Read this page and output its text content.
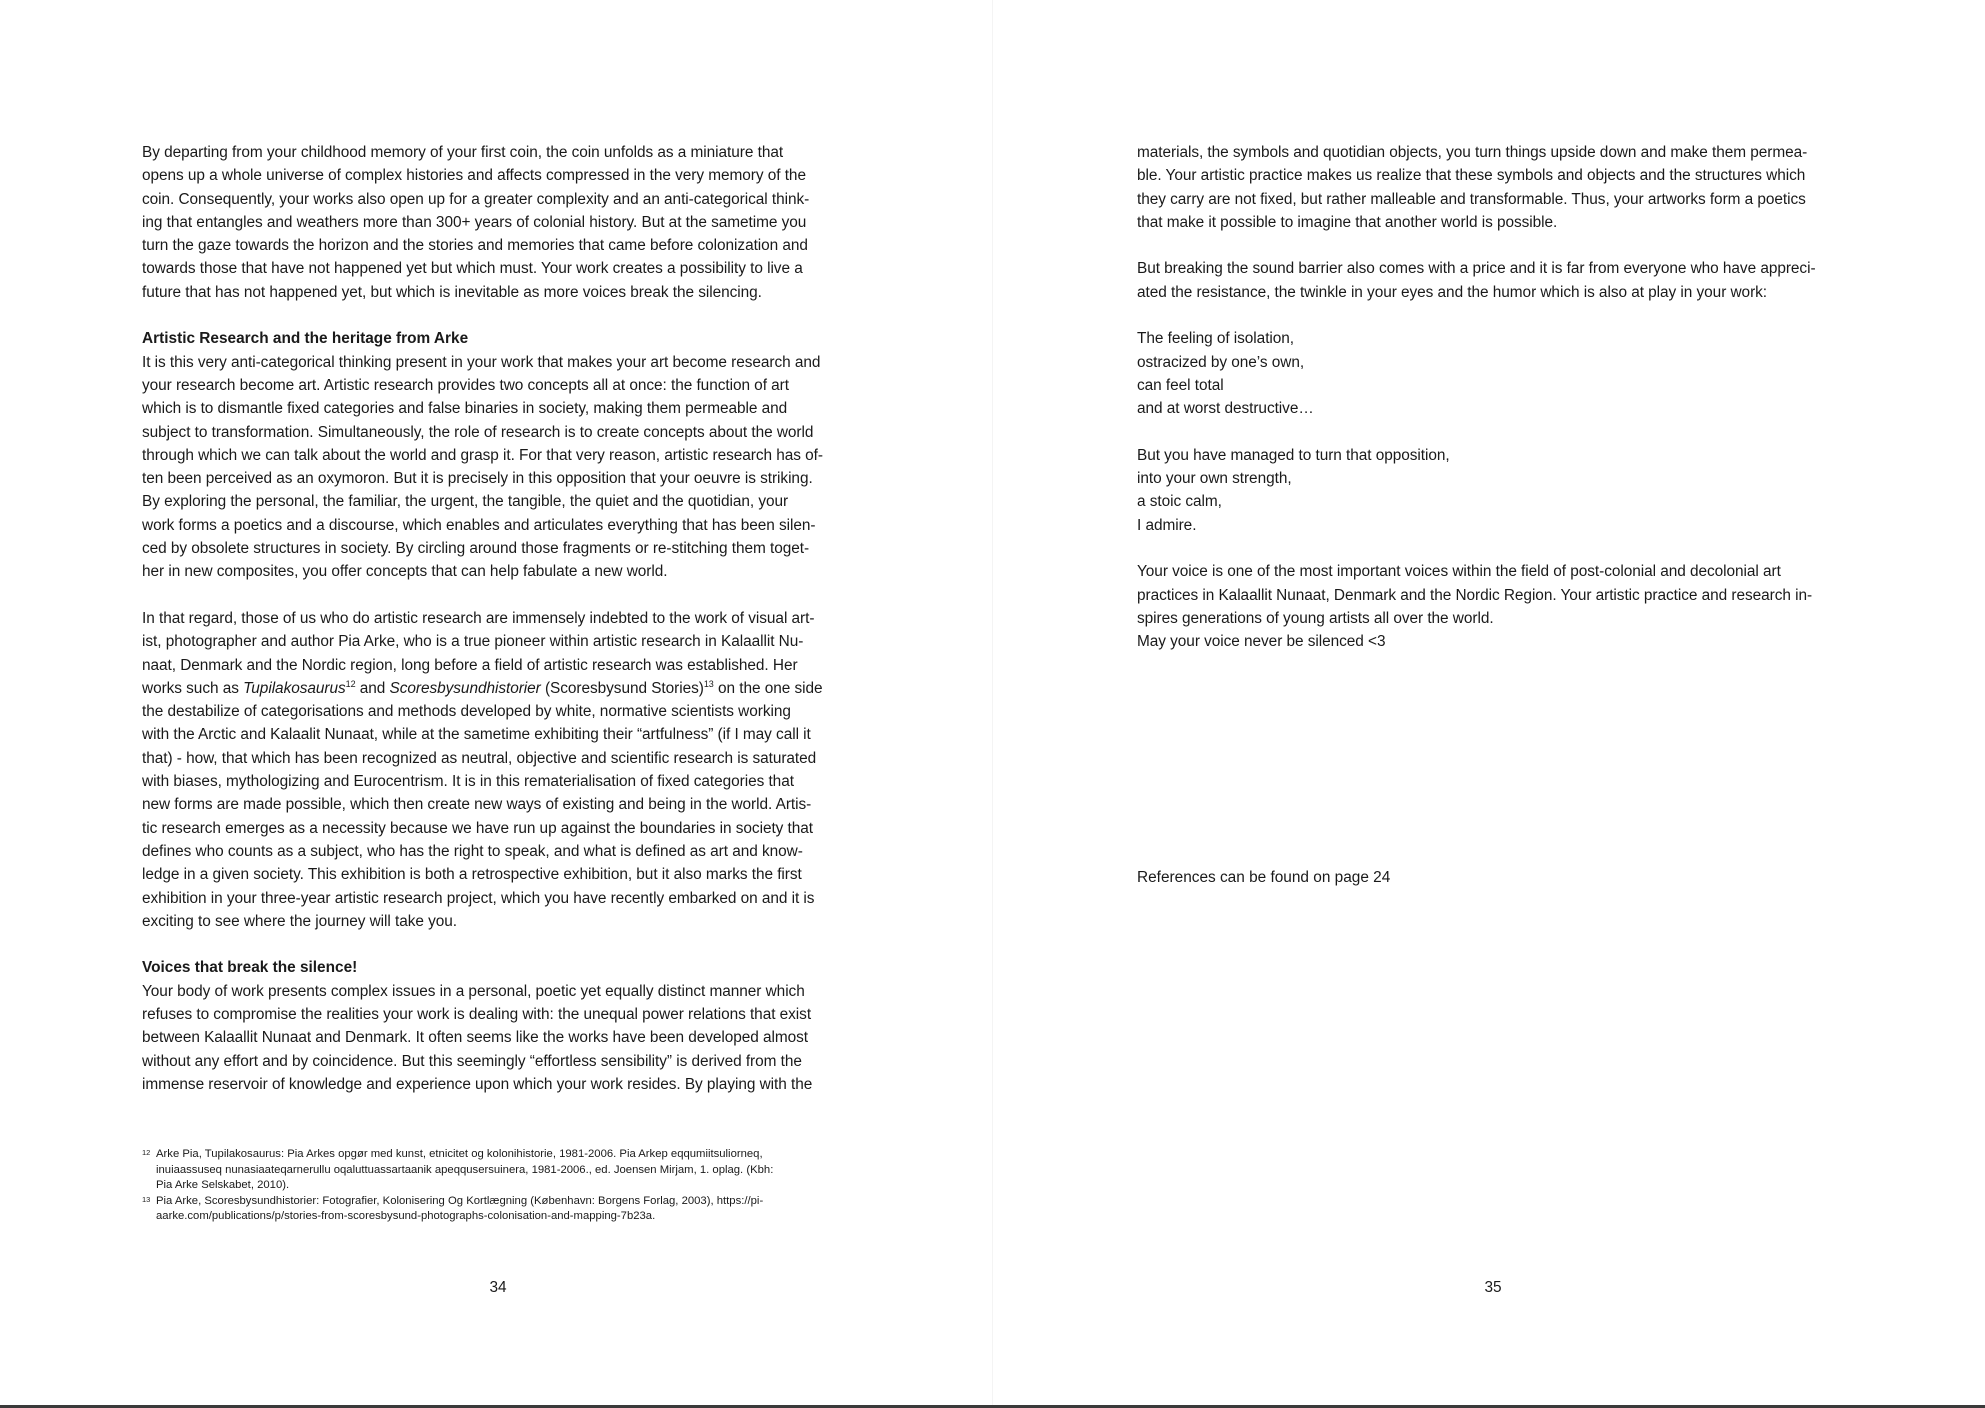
By departing from your childhood memory of your first coin, the coin unfolds as a miniature that
opens up a whole universe of complex histories and affects compressed in the very memory of the
coin. Consequently, your works also open up for a greater complexity and an anti-categorical think-
ing that entangles and weathers more than 300+ years of colonial history. But at the sametime you
turn the gaze towards the horizon and the stories and memories that came before colonization and
towards those that have not happened yet but which must. Your work creates a possibility to live a
future that has not happened yet, but which is inevitable as more voices break the silencing.

Artistic Research and the heritage from Arke

It is this very anti-categorical thinking present in your work that makes your art become research and
your research become art. Artistic research provides two concepts all at once: the function of art
which is to dismantle fixed categories and false binaries in society, making them permeable and
subject to transformation. Simultaneously, the role of research is to create concepts about the world
through which we can talk about the world and grasp it. For that very reason, artistic research has of-
ten been perceived as an oxymoron. But it is precisely in this opposition that your oeuvre is striking.
By exploring the personal, the familiar, the urgent, the tangible, the quiet and the quotidian, your
work forms a poetics and a discourse, which enables and articulates everything that has been silen-
ced by obsolete structures in society. By circling around those fragments or re-stitching them toget-
her in new composites, you offer concepts that can help fabulate a new world.

In that regard, those of us who do artistic research are immensely indebted to the work of visual art-
ist, photographer and author Pia Arke, who is a true pioneer within artistic research in Kalaallit Nu-
naat, Denmark and the Nordic region, long before a field of artistic research was established. Her
works such as Tupilakosaurus$^{12}$ and Scoresbysundhistorier (Scoresbysund Stories)$^{13}$ on the one side
the destabilize of categorisations and methods developed by white, normative scientists working
with the Arctic and Kalaalit Nunaat, while at the sametime exhibiting their “artfulness” (if I may call it
that) - how, that which has been recognized as neutral, objective and scientific research is saturated
with biases, mythologizing and Eurocentrism. It is in this rematerialisation of fixed categories that
new forms are made possible, which then create new ways of existing and being in the world. Artis-
tic research emerges as a necessity because we have run up against the boundaries in society that
defines who counts as a subject, who has the right to speak, and what is defined as art and know-
ledge in a given society. This exhibition is both a retrospective exhibition, but it also marks the first
exhibition in your three-year artistic research project, which you have recently embarked on and it is
exciting to see where the journey will take you.

Voices that break the silence!

Your body of work presents complex issues in a personal, poetic yet equally distinct manner which
refuses to compromise the realities your work is dealing with: the unequal power relations that exist
between Kalaallit Nunaat and Denmark. It often seems like the works have been developed almost
without any effort and by coincidence. But this seemingly “effortless sensibility” is derived from the
immense reservoir of knowledge and experience upon which your work resides. By playing with the

12 Arke Pia, Tupilakosaurus: Pia Arkes opgør med kunst, etnicitet og kolonihistorie, 1981-2006. Pia Arkep eqqumiitsuliorneq,
inuiaassuseq nunasiaateqarnerullu oqaluttuassartaanik apeqqusersuinera, 1981-2006., ed. Joensen Mirjam, 1. oplag. (Kbh:
Pia Arke Selskabet, 2010).
13 Pia Arke, Scoresbysundhistorier: Fotografier, Kolonisering Og Kortlægning (København: Borgens Forlag, 2003), https://pi-
aarke.com/publications/p/stories-from-scoresbysund-photographs-colonisation-and-mapping-7b23a.
34

materials, the symbols and quotidian objects, you turn things upside down and make them permea-
ble. Your artistic practice makes us realize that these symbols and objects and the structures which
they carry are not fixed, but rather malleable and transformable. Thus, your artworks form a poetics
that make it possible to imagine that another world is possible.

But breaking the sound barrier also comes with a price and it is far from everyone who have appreci-
ated the resistance, the twinkle in your eyes and the humor which is also at play in your work:

The feeling of isolation,
ostracized by one’s own,
can feel total
and at worst destructive…

But you have managed to turn that opposition,
into your own strength,
a stoic calm,
I admire.

Your voice is one of the most important voices within the field of post-colonial and decolonial art
practices in Kalaallit Nunaat, Denmark and the Nordic Region. Your artistic practice and research in-
spires generations of young artists all over the world.
May your voice never be silenced <3

References can be found on page 24
35
